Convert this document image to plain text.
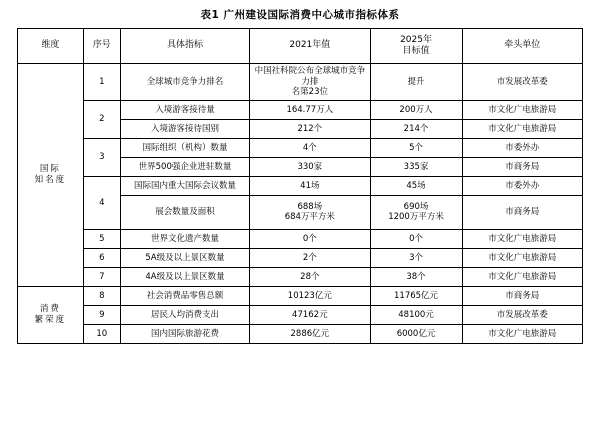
表1 广州建设国际消费中心城市指标体系
维度	序号	具体指标	2021年值	2025年
目标值	牵头单位

国际
知名度	1	全球城市竞争力排名	中国社科院公布全球城市竞争力排
名第23位	提升	市发展改革委
	2	入境游客接待量	164.77万人	200万人	市文化广电旅游局
		入境游客接待国别	212个	214个	市文化广电旅游局
	3	国际组织（机构）数量	4个	5个	市委外办
		世界500强企业进驻数量	330家	335家	市商务局
	4	国际国内重大国际会议数量	41场	45场	市委外办
		展会数量及面积	688场
684万平方米	690场
1200万平方米	市商务局
	5	世界文化遗产数量	0个	0个	市文化广电旅游局
	6	5A级及以上景区数量	2个	3个	市文化广电旅游局
	7	4A级及以上景区数量	28个	38个	市文化广电旅游局

消费
繁荣度	8	社会消费品零售总额	10123亿元	11765亿元	市商务局
	9	居民人均消费支出	47162元	48100元	市发展改革委
	10	国内国际旅游花费	2886亿元	6000亿元	市文化广电旅游局
